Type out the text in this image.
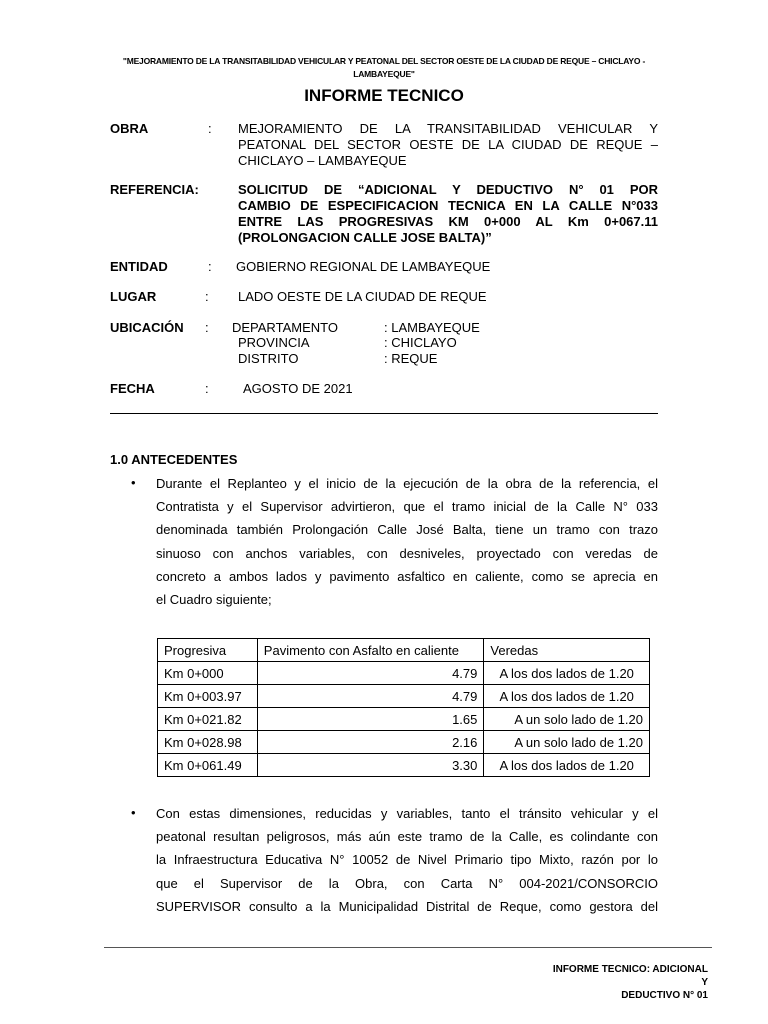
"MEJORAMIENTO DE LA TRANSITABILIDAD VEHICULAR Y PEATONAL DEL SECTOR OESTE DE LA CIUDAD DE REQUE – CHICLAYO -
LAMBAYEQUE"
INFORME TECNICO
OBRA	: MEJORAMIENTO DE LA TRANSITABILIDAD VEHICULAR Y
PEATONAL DEL SECTOR OESTE DE LA CIUDAD DE REQUE –
CHICLAYO – LAMBAYEQUE
REFERENCIA:	SOLICITUD DE “ADICIONAL Y DEDUCTIVO N° 01 POR
CAMBIO DE ESPECIFICACION TECNICA EN LA CALLE N°033
ENTRE LAS PROGRESIVAS KM 0+000 AL Km 0+067.11
(PROLONGACION CALLE JOSE BALTA)”
ENTIDAD	: GOBIERNO REGIONAL DE LAMBAYEQUE
LUGAR	: LADO OESTE DE LA CIUDAD DE REQUE
UBICACIÓN : DEPARTAMENTO	: LAMBAYEQUE
PROVINCIA	: CHICLAYO
DISTRITO	: REQUE
FECHA	:	AGOSTO DE 2021
1.0 ANTECEDENTES
• Durante el Replanteo y el inicio de la ejecución de la obra de la referencia, el
Contratista y el Supervisor advirtieron, que el tramo inicial de la Calle N° 033
denominada también Prolongación Calle José Balta, tiene un tramo con trazo
sinuoso con anchos variables, con desniveles, proyectado con veredas de
concreto a ambos lados y pavimento asfaltico en caliente, como se aprecia en
el Cuadro siguiente;
Progresiva	Pavimento con Asfalto en caliente	Veredas
Km 0+000	4.79	A los dos lados de 1.20
Km 0+003.97	4.79	A los dos lados de 1.20
Km 0+021.82	1.65	A un solo lado de 1.20
Km 0+028.98	2.16	A un solo lado de 1.20
Km 0+061.49	3.30	A los dos lados de 1.20
• Con estas dimensiones, reducidas y variables, tanto el tránsito vehicular y el
peatonal resultan peligrosos, más aún este tramo de la Calle, es colindante con
la Infraestructura Educativa N° 10052 de Nivel Primario tipo Mixto, razón por lo
que el Supervisor de la Obra, con Carta N° 004-2021/CONSORCIO
SUPERVISOR consulto a la Municipalidad Distrital de Reque, como gestora del
INFORME TECNICO: ADICIONAL Y
DEDUCTIVO N° 01
